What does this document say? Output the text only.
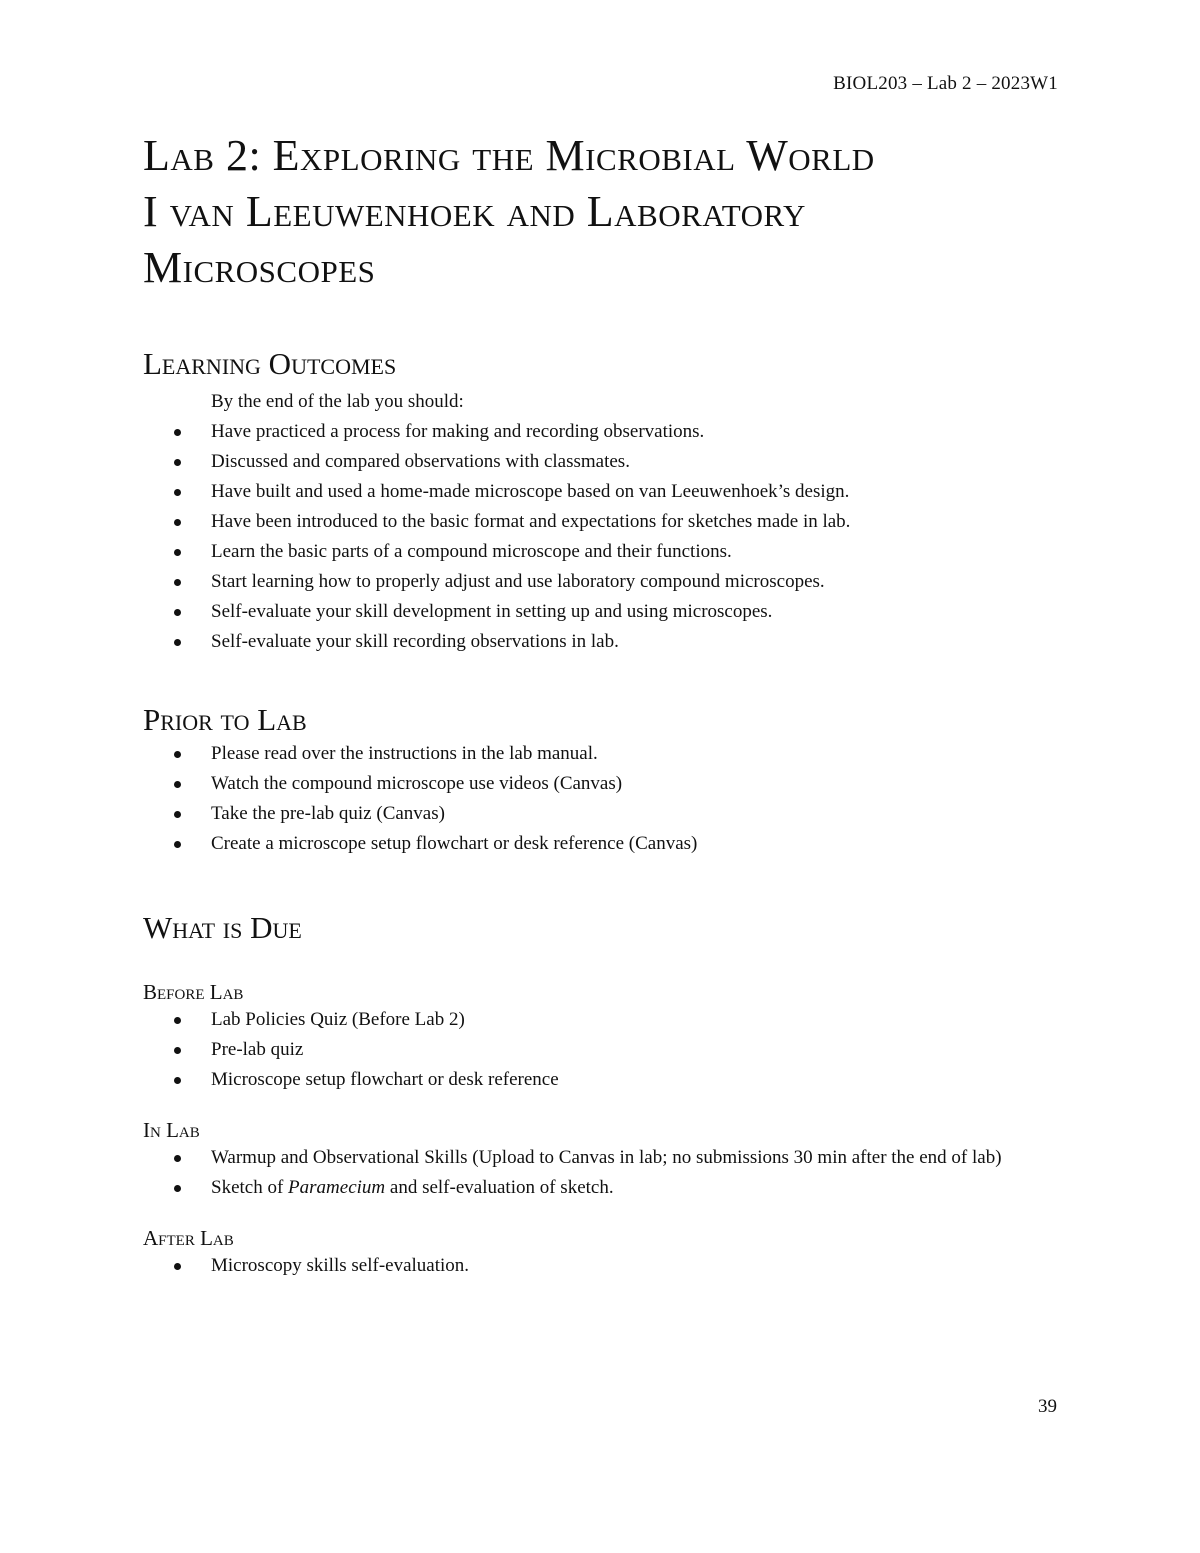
BIOL203 – Lab 2 – 2023W1
Lab 2: Exploring the Microbial World
I van Leeuwenhoek and Laboratory
Microscopes
Learning Outcomes
By the end of the lab you should:
Have practiced a process for making and recording observations.
Discussed and compared observations with classmates.
Have built and used a home-made microscope based on van Leeuwenhoek’s design.
Have been introduced to the basic format and expectations for sketches made in lab.
Learn the basic parts of a compound microscope and their functions.
Start learning how to properly adjust and use laboratory compound microscopes.
Self-evaluate your skill development in setting up and using microscopes.
Self-evaluate your skill recording observations in lab.
Prior to Lab
Please read over the instructions in the lab manual.
Watch the compound microscope use videos (Canvas)
Take the pre-lab quiz (Canvas)
Create a microscope setup flowchart or desk reference (Canvas)
What is Due
Before Lab
Lab Policies Quiz (Before Lab 2)
Pre-lab quiz
Microscope setup flowchart or desk reference
In Lab
Warmup and Observational Skills (Upload to Canvas in lab; no submissions 30 min after the end of lab)
Sketch of Paramecium and self-evaluation of sketch.
After Lab
Microscopy skills self-evaluation.
39
